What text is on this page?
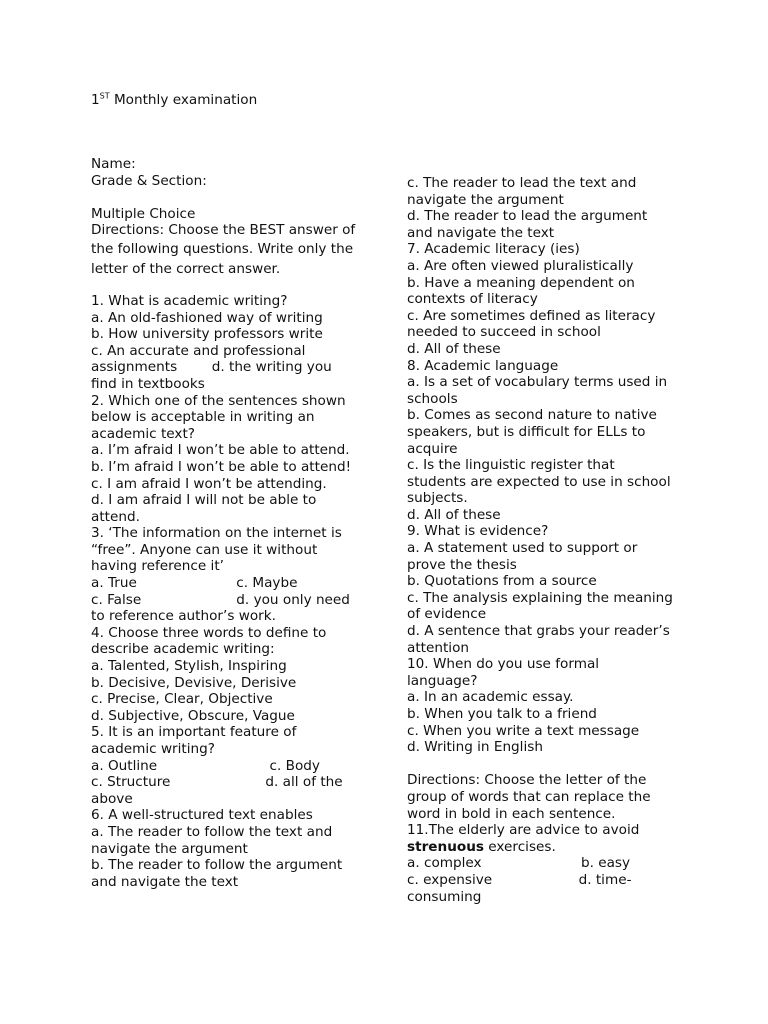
1ST Monthly examination
Name:
Grade & Section:
Multiple Choice
Directions: Choose the BEST answer of
the following questions. Write only the
letter of the correct answer.
1. What is academic writing?
a. An old-fashioned way of writing
b. How university professors write
c. An accurate and professional
assignments        d. the writing you
find in textbooks
2. Which one of the sentences shown
below is acceptable in writing an
academic text?
a. I’m afraid I won’t be able to attend.
b. I’m afraid I won’t be able to attend!
c. I am afraid I won’t be attending.
d. I am afraid I will not be able to
attend.
3. ‘The information on the internet is
“free”. Anyone can use it without
having reference it’
a. True                       c. Maybe
c. False                      d. you only need
to reference author’s work.
4. Choose three words to define to
describe academic writing:
a. Talented, Stylish, Inspiring
b. Decisive, Devisive, Derisive
c. Precise, Clear, Objective
d. Subjective, Obscure, Vague
5. It is an important feature of
academic writing?
a. Outline                          c. Body
c. Structure                      d. all of the
above
6. A well-structured text enables
a. The reader to follow the text and
navigate the argument
b. The reader to follow the argument
and navigate the text
c. The reader to lead the text and
navigate the argument
d. The reader to lead the argument
and navigate the text
7. Academic literacy (ies)
a. Are often viewed pluralistically
b. Have a meaning dependent on
contexts of literacy
c. Are sometimes defined as literacy
needed to succeed in school
d. All of these
8. Academic language
a. Is a set of vocabulary terms used in
schools
b. Comes as second nature to native
speakers, but is difficult for ELLs to
acquire
c. Is the linguistic register that
students are expected to use in school
subjects.
d. All of these
9. What is evidence?
a. A statement used to support or
prove the thesis
b. Quotations from a source
c. The analysis explaining the meaning
of evidence
d. A sentence that grabs your reader’s
attention
10. When do you use formal
language?
a. In an academic essay.
b. When you talk to a friend
c. When you write a text message
d. Writing in English
Directions: Choose the letter of the
group of words that can replace the
word in bold in each sentence.
11.The elderly are advice to avoid
strenuous exercises.
a. complex                       b. easy
c. expensive                    d. time-
consuming
